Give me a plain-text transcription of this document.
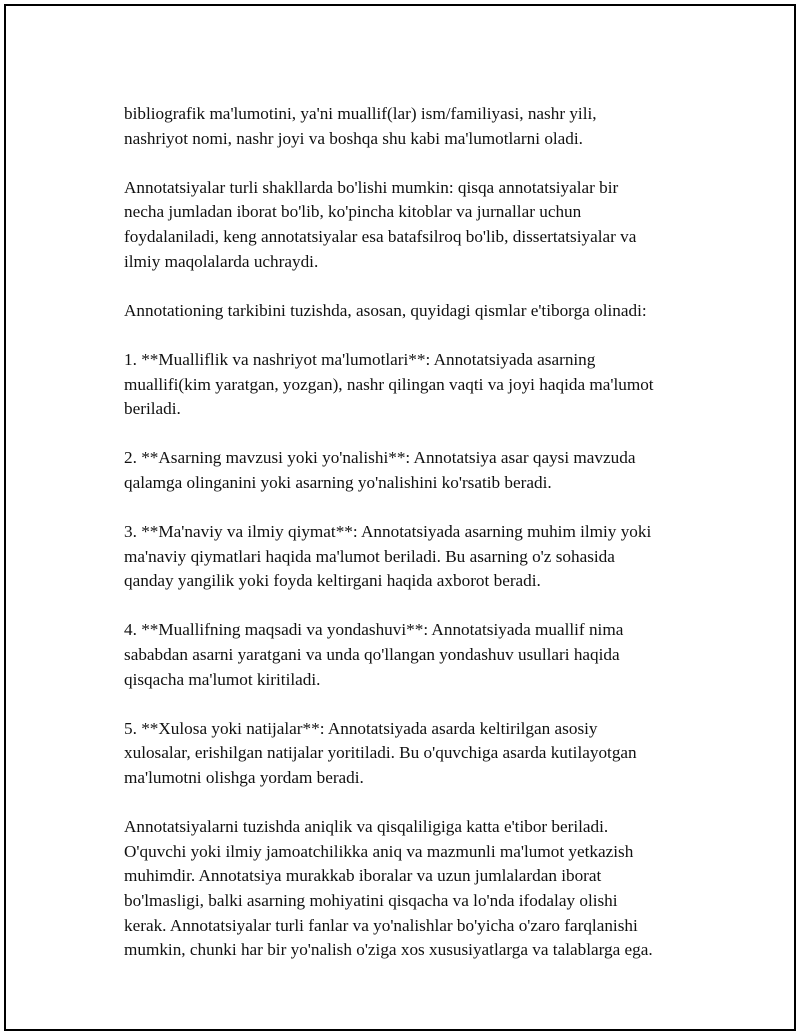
bibliografik ma'lumotini, ya'ni muallif(lar) ism/familiyasi, nashr yili,
nashriyot nomi, nashr joyi va boshqa shu kabi ma'lumotlarni oladi.

Annotatsiyalar turli shakllarda bo'lishi mumkin: qisqa annotatsiyalar bir
necha jumladan iborat bo'lib, ko'pincha kitoblar va jurnallar uchun
foydalaniladi, keng annotatsiyalar esa batafsilroq bo'lib, dissertatsiyalar va
ilmiy maqolalarda uchraydi.

Annotationing tarkibini tuzishda, asosan, quyidagi qismlar e'tiborga olinadi:

1. **Mualliflik va nashriyot ma'lumotlari**: Annotatsiyada asarning
muallifi(kim yaratgan, yozgan), nashr qilingan vaqti va joyi haqida ma'lumot
beriladi.

2. **Asarning mavzusi yoki yo'nalishi**: Annotatsiya asar qaysi mavzuda
qalamga olinganini yoki asarning yo'nalishini ko'rsatib beradi.

3. **Ma'naviy va ilmiy qiymat**: Annotatsiyada asarning muhim ilmiy yoki
ma'naviy qiymatlari haqida ma'lumot beriladi. Bu asarning o'z sohasida
qanday yangilik yoki foyda keltirgani haqida axborot beradi.

4. **Muallifning maqsadi va yondashuvi**: Annotatsiyada muallif nima
sababdan asarni yaratgani va unda qo'llangan yondashuv usullari haqida
qisqacha ma'lumot kiritiladi.

5. **Xulosa yoki natijalar**: Annotatsiyada asarda keltirilgan asosiy
xulosalar, erishilgan natijalar yoritiladi. Bu o'quvchiga asarda kutilayotgan
ma'lumotni olishga yordam beradi.

Annotatsiyalarni tuzishda aniqlik va qisqaliligiga katta e'tibor beriladi.
O'quvchi yoki ilmiy jamoatchilikka aniq va mazmunli ma'lumot yetkazish
muhimdir. Annotatsiya murakkab iboralar va uzun jumlalardan iborat
bo'lmasligi, balki asarning mohiyatini qisqacha va lo'nda ifodalay olishi
kerak. Annotatsiyalar turli fanlar va yo'nalishlar bo'yicha o'zaro farqlanishi
mumkin, chunki har bir yo'nalish o'ziga xos xususiyatlarga va talablarga ega.
